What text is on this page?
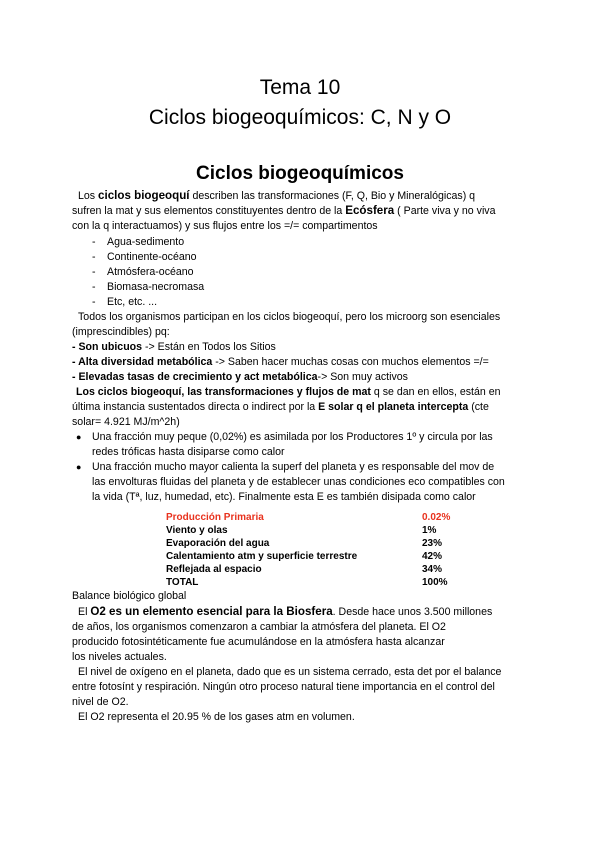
Tema 10
Ciclos biogeoquímicos: C, N y O
Ciclos biogeoquímicos
Los ciclos biogeoquí describen las transformaciones (F, Q, Bio y Mineralógicas) q
sufren la mat y sus elementos constituyentes dentro de la Ecósfera ( Parte viva y no viva
con la q interactuamos) y sus flujos entre los =/= compartimentos
- Agua-sedimento
- Continente-océano
- Atmósfera-océano
- Biomasa-necromasa
- Etc, etc. ...
Todos los organismos participan en los ciclos biogeoquí, pero los microorg son esenciales
(imprescindibles) pq:
- Son ubicuos -> Están en Todos los Sitios
- Alta diversidad metabólica -> Saben hacer muchas cosas con muchos elementos =/=
- Elevadas tasas de crecimiento y act metabólica-> Son muy activos
Los ciclos biogeoquí, las transformaciones y flujos de mat q se dan en ellos, están en
última instancia sustentados directa o indirect por la E solar q el planeta intercepta (cte
solar= 4.921 MJ/m^2h)
● Una fracción muy peque (0,02%) es asimilada por los Productores 1º y circula por las
redes tróficas hasta disiparse como calor
● Una fracción mucho mayor calienta la superf del planeta y es responsable del mov de
las envolturas fluidas del planeta y de establecer unas condiciones eco compatibles con
la vida (Tª, luz, humedad, etc). Finalmente esta E es también disipada como calor
Producción Primaria	0.02%
Viento y olas	1%
Evaporación del agua	23%
Calentamiento atm y superficie terrestre	42%
Reflejada al espacio	34%
TOTAL	100%
Balance biológico global
El O2 es un elemento esencial para la Biosfera. Desde hace unos 3.500 millones
de años, los organismos comenzaron a cambiar la atmósfera del planeta. El O2
producido fotosintéticamente fue acumulándose en la atmósfera hasta alcanzar
los niveles actuales.
El nivel de oxígeno en el planeta, dado que es un sistema cerrado, esta det por el balance
entre fotosínt y respiración. Ningún otro proceso natural tiene importancia en el control del
nivel de O2.
El O2 representa el 20.95 % de los gases atm en volumen.
